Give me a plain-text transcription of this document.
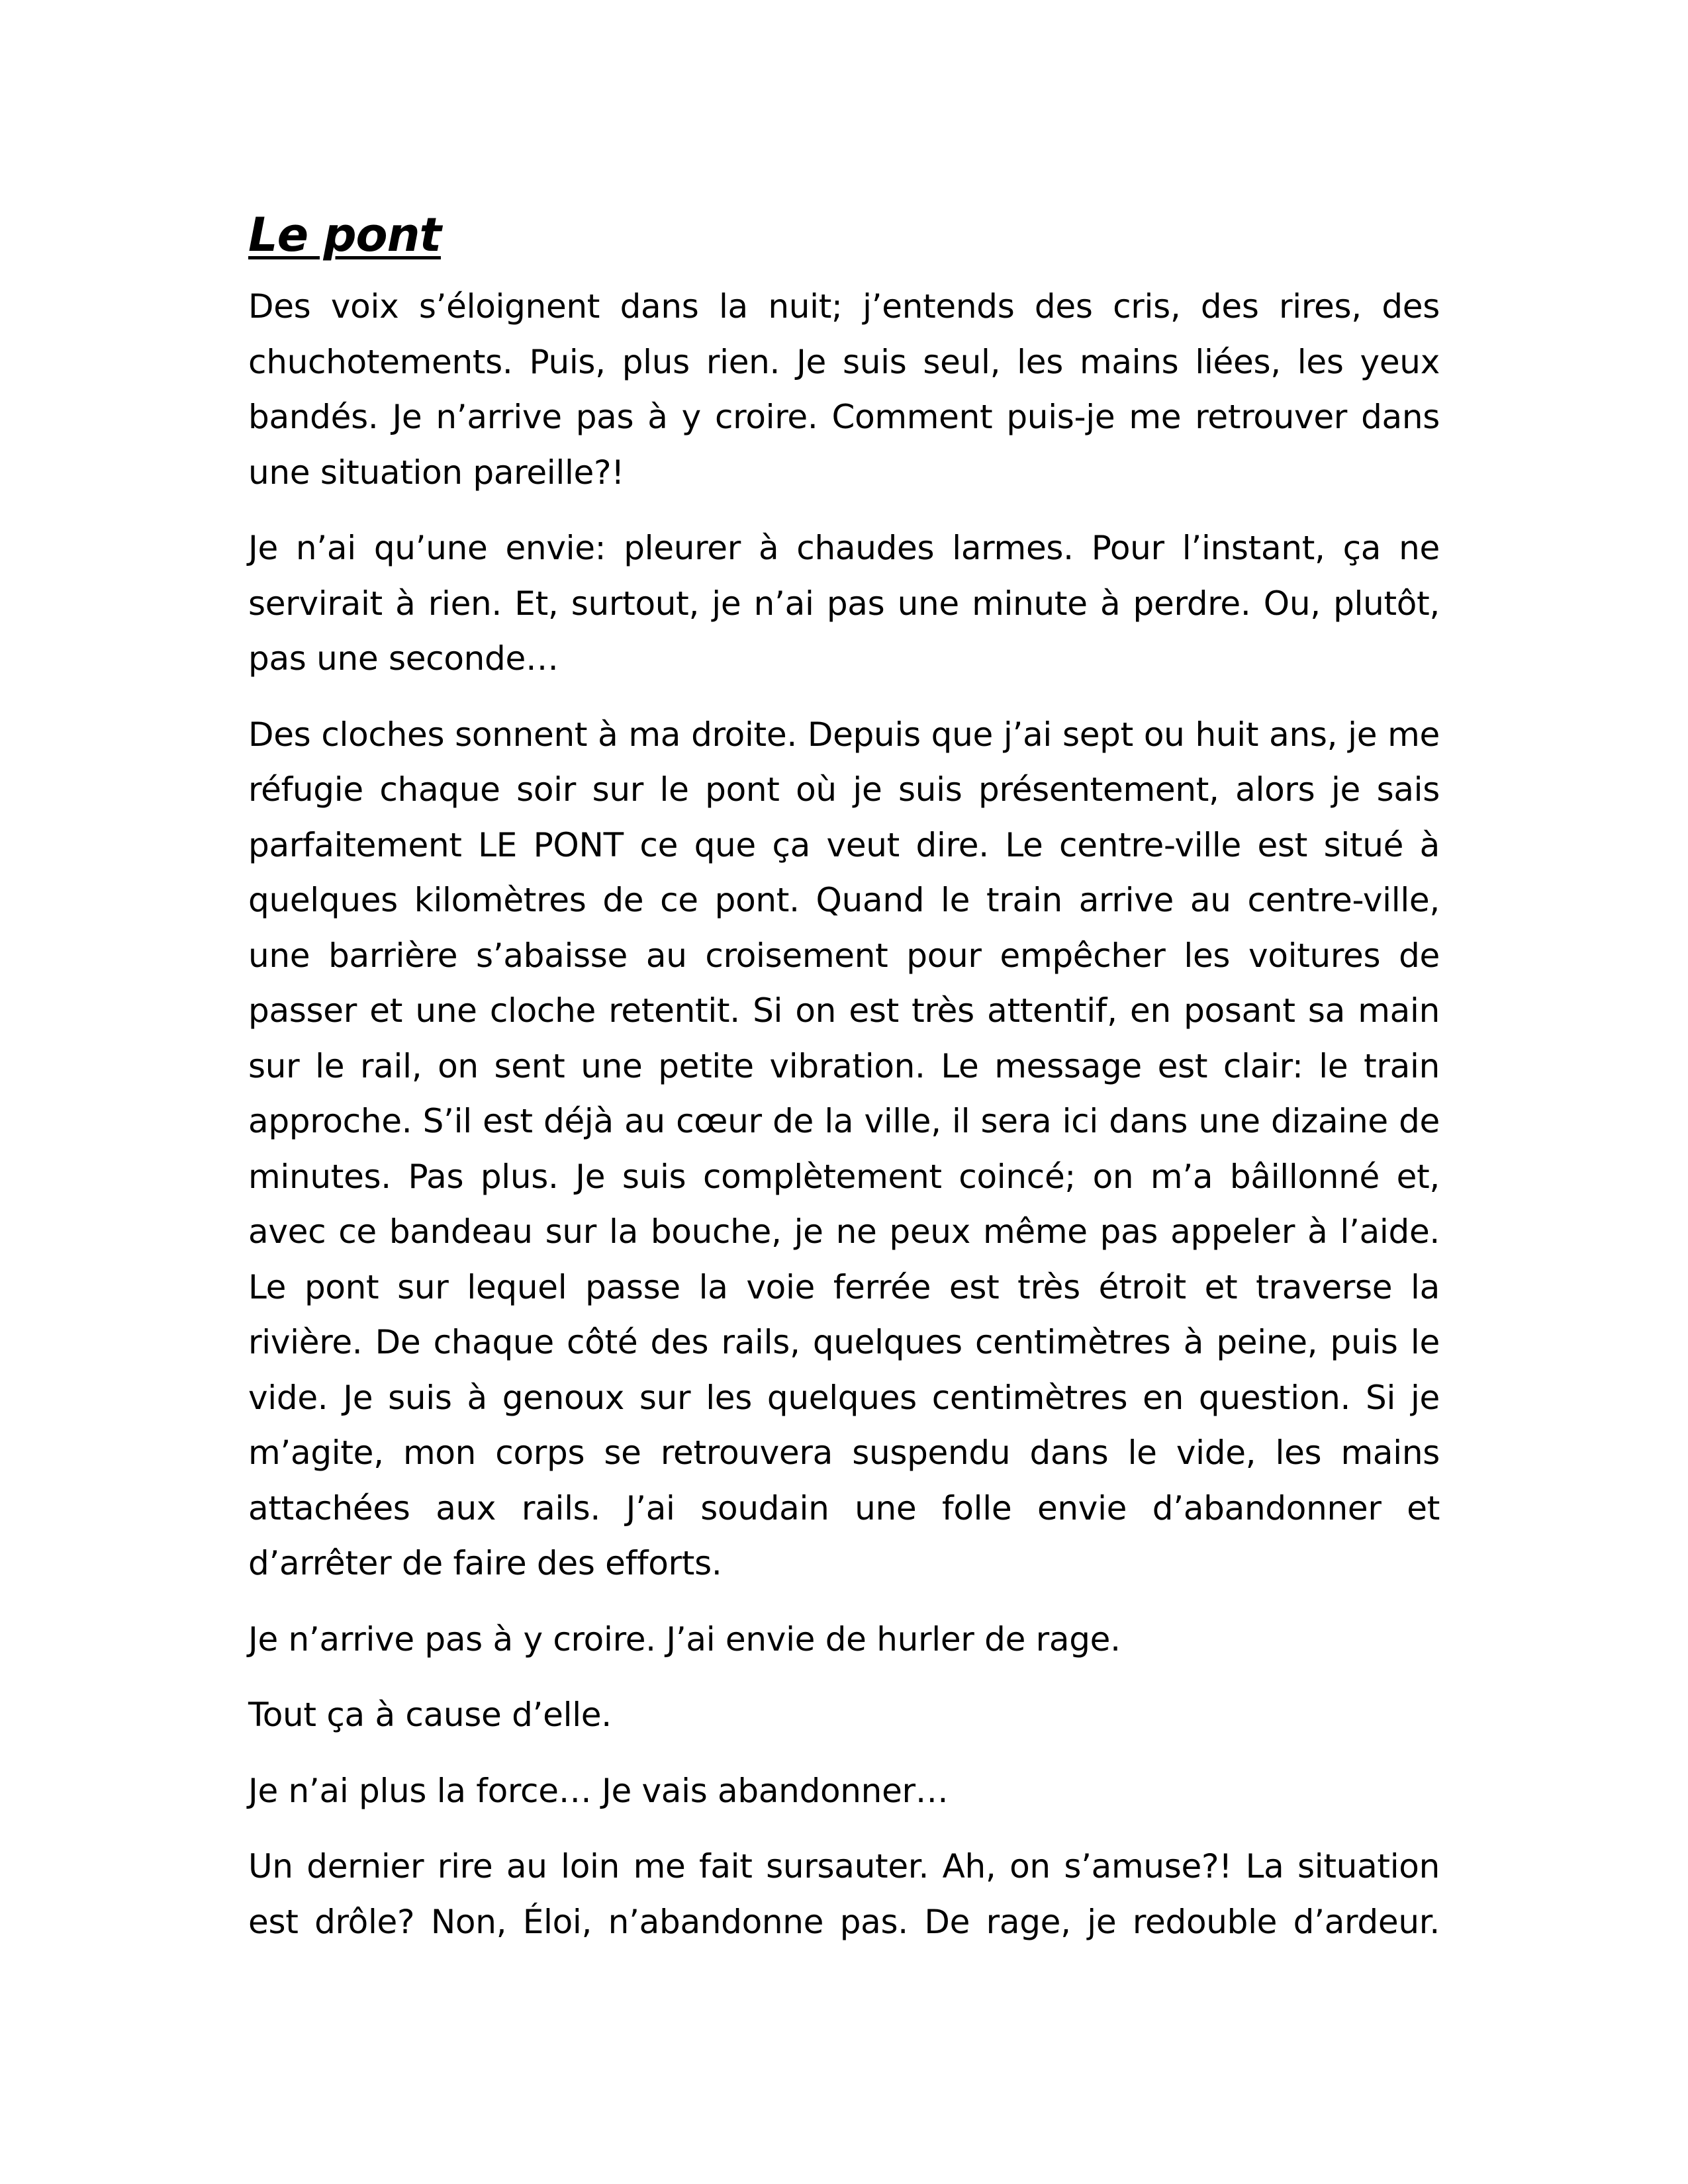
Le pont

Des voix s’éloignent dans la nuit; j’entends des cris, des rires, des chuchotements. Puis, plus rien. Je suis seul, les mains liées, les yeux bandés. Je n’arrive pas à y croire. Comment puis-je me retrouver dans une situation pareille?!

Je n’ai qu’une envie: pleurer à chaudes larmes. Pour l’instant, ça ne servirait à rien. Et, surtout, je n’ai pas une minute à perdre. Ou, plutôt, pas une seconde…

Des cloches sonnent à ma droite. Depuis que j’ai sept ou huit ans, je me réfugie chaque soir sur le pont où je suis présentement, alors je sais parfaitement LE PONT ce que ça veut dire. Le centre-ville est situé à quelques kilomètres de ce pont. Quand le train arrive au centre-ville, une barrière s’abaisse au croisement pour empêcher les voitures de passer et une cloche retentit. Si on est très attentif, en posant sa main sur le rail, on sent une petite vibration. Le message est clair: le train approche. S’il est déjà au cœur de la ville, il sera ici dans une dizaine de minutes. Pas plus. Je suis complètement coincé; on m’a bâillonné et, avec ce bandeau sur la bouche, je ne peux même pas appeler à l’aide. Le pont sur lequel passe la voie ferrée est très étroit et traverse la rivière. De chaque côté des rails, quelques centimètres à peine, puis le vide. Je suis à genoux sur les quelques centimètres en question. Si je m’agite, mon corps se retrouvera suspendu dans le vide, les mains attachées aux rails. J’ai soudain une folle envie d’abandonner et d’arrêter de faire des efforts.

Je n’arrive pas à y croire. J’ai envie de hurler de rage.

Tout ça à cause d’elle.

Je n’ai plus la force… Je vais abandonner…

Un dernier rire au loin me fait sursauter. Ah, on s’amuse?! La situation est drôle? Non, Éloi, n’abandonne pas. De rage, je redouble d’ardeur.
